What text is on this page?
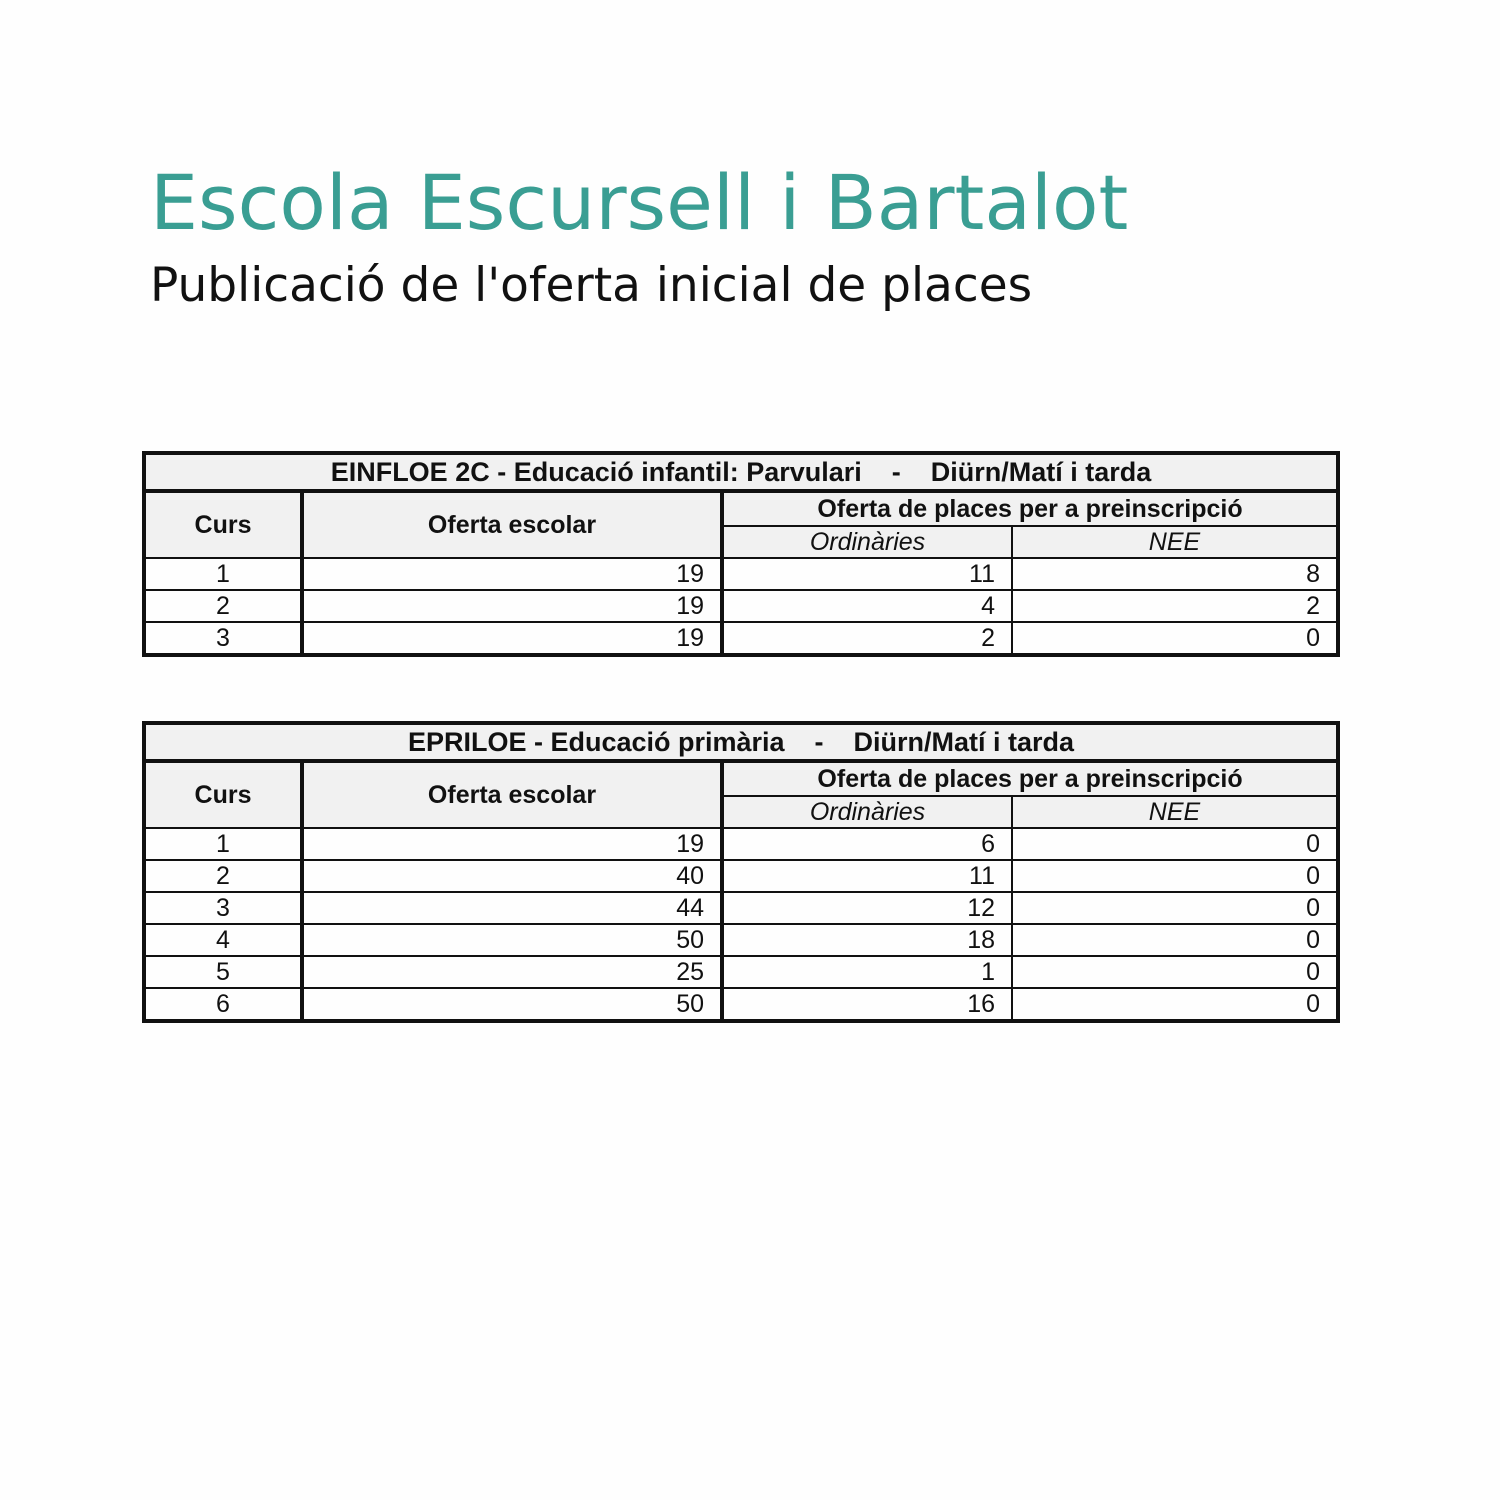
Escola Escursell i Bartalot
Publicació de l'oferta inicial de places
EINFLOE 2C - Educació infantil: Parvulari    -    Diürn/Matí i tarda			
Curs	Oferta escolar	Oferta de places per a preinscripció	
		Ordinàries	NEE
1	19	11	8
2	19	4	2
3	19	2	0
EPRILOE - Educació primària    -    Diürn/Matí i tarda			
Curs	Oferta escolar	Oferta de places per a preinscripció	
		Ordinàries	NEE
1	19	6	0
2	40	11	0
3	44	12	0
4	50	18	0
5	25	1	0
6	50	16	0
